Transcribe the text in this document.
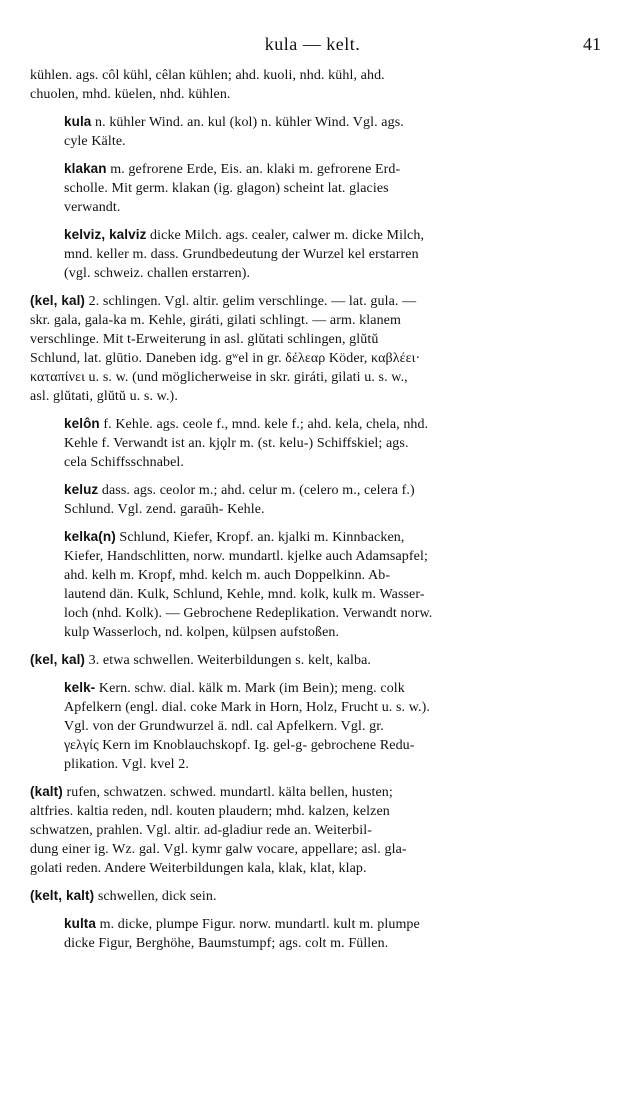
kula — kelt.	41
kühlen. ags. côl kühl, cêlan kühlen; ahd. kuoli, nhd. kühl, ahd.
chuolen, mhd. küelen, nhd. kühlen.
kula n. kühler Wind. an. kul (kol) n. kühler Wind. Vgl. ags.
cyle Kälte.
klakan m. gefrorene Erde, Eis. an. klaki m. gefrorene Erd-
scholle. Mit germ. klakan (ig. glagon) scheint lat. glacies
verwandt.
kelviz, kalviz dicke Milch. ags. cealer, calwer m. dicke Milch,
mnd. keller m. dass. Grundbedeutung der Wurzel kel erstarren
(vgl. schweiz. challen erstarren).
(kel, kal) 2. schlingen. Vgl. altir. gelim verschlinge. — lat. gula. —
skr. gala, gala-ka m. Kehle, giráti, gilati schlingt. — arm. klanem
verschlinge. Mit t-Erweiterung in asl. glŭtati schlingen, glŭtŭ
Schlund, lat. glūtio. Daneben idg. gʷel in gr. δέλεαρ Köder, καβλέει·
καταπίνει u. s. w. (und möglicherweise in skr. giráti, gilati u. s. w.,
asl. glŭtati, glŭtŭ u. s. w.).
kelôn f. Kehle. ags. ceole f., mnd. kele f.; ahd. kela, chela, nhd.
Kehle f. Verwandt ist an. kjǫlr m. (st. kelu-) Schiffskiel; ags.
cela Schiffsschnabel.
keluz dass. ags. ceolor m.; ahd. celur m. (celero m., celera f.)
Schlund. Vgl. zend. garaūh- Kehle.
kelka(n) Schlund, Kiefer, Kropf. an. kjalki m. Kinnbacken,
Kiefer, Handschlitten, norw. mundartl. kjelke auch Adamsapfel;
ahd. kelh m. Kropf, mhd. kelch m. auch Doppelkinn. Ab-
lautend dän. Kulk, Schlund, Kehle, mnd. kolk, kulk m. Wasser-
loch (nhd. Kolk). — Gebrochene Redeplikation. Verwandt norw.
kulp Wasserloch, nd. kolpen, külpsen aufstoßen.
(kel, kal) 3. etwa schwellen. Weiterbildungen s. kelt, kalba.
kelk- Kern. schw. dial. kälk m. Mark (im Bein); meng. colk
Apfelkern (engl. dial. coke Mark in Horn, Holz, Frucht u. s. w.).
Vgl. von der Grundwurzel ä. ndl. cal Apfelkern. Vgl. gr.
γελγίς Kern im Knoblauchskopf. Ig. gel-g- gebrochene Redu-
plikation. Vgl. kvel 2.
(kalt) rufen, schwatzen. schwed. mundartl. kälta bellen, husten;
altfries. kaltia reden, ndl. kouten plaudern; mhd. kalzen, kelzen
schwatzen, prahlen. Vgl. altir. ad-gladiur rede an. Weiterbil-
dung einer ig. Wz. gal. Vgl. kymr galw vocare, appellare; asl. gla-
golati reden. Andere Weiterbildungen kala, klak, klat, klap.
(kelt, kalt) schwellen, dick sein.
kulta m. dicke, plumpe Figur. norw. mundartl. kult m. plumpe
dicke Figur, Berghöhe, Baumstumpf; ags. colt m. Füllen.
